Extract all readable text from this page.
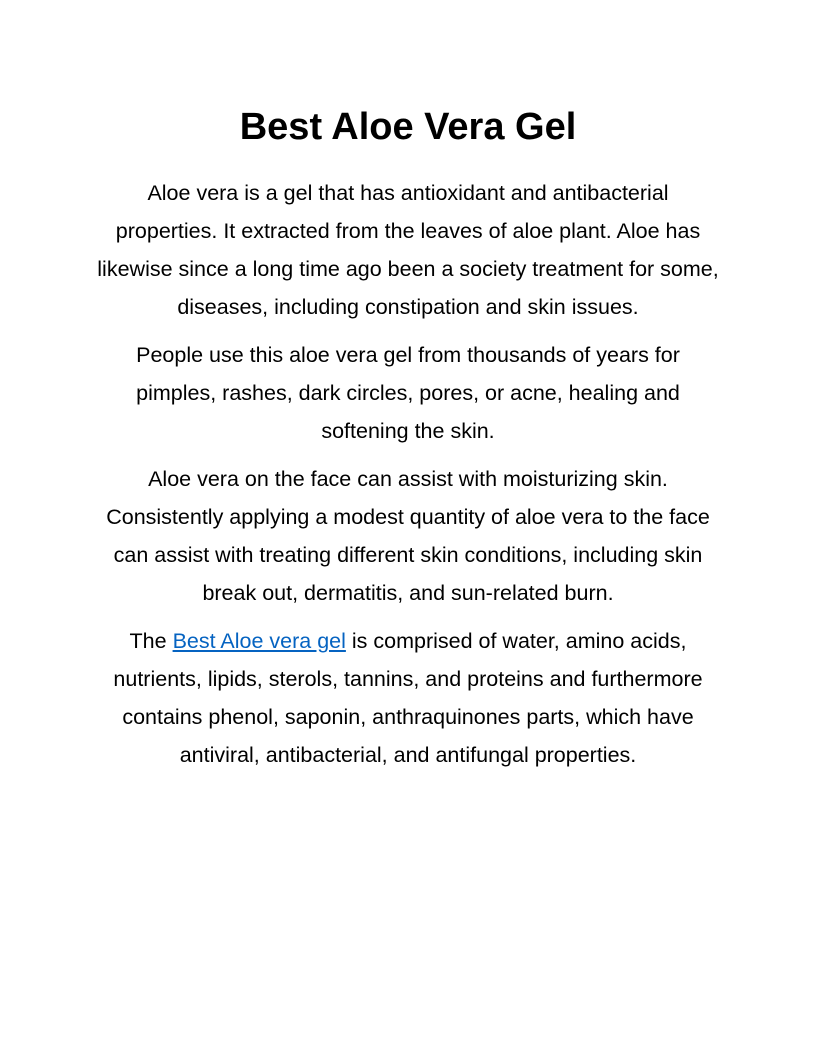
Best Aloe Vera Gel

Aloe vera is a gel that has antioxidant and antibacterial properties. It extracted from the leaves of aloe plant. Aloe has likewise since a long time ago been a society treatment for some, diseases, including constipation and skin issues.

People use this aloe vera gel from thousands of years for pimples, rashes, dark circles, pores, or acne, healing and softening the skin.

Aloe vera on the face can assist with moisturizing skin. Consistently applying a modest quantity of aloe vera to the face can assist with treating different skin conditions, including skin break out, dermatitis, and sun-related burn.

The Best Aloe vera gel is comprised of water, amino acids, nutrients, lipids, sterols, tannins, and proteins and furthermore contains phenol, saponin, anthraquinones parts, which have antiviral, antibacterial, and antifungal properties.
